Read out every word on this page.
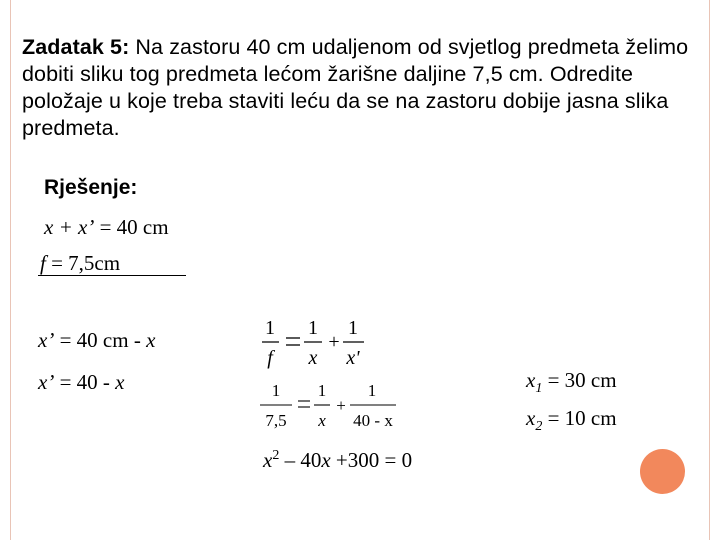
Zadatak 5: Na zastoru 40 cm udaljenom od svjetlog predmeta želimo dobiti sliku tog predmeta lećom žarišne daljine 7,5 cm. Odredite položaje u koje treba staviti leću da se na zastoru dobije jasna slika predmeta.
Rješenje:
x + x’ = 40 cm
f = 7,5cm
x’ = 40 cm - x
x’ = 40 - x
1
f
1
x
+
1
x'
1
7,5
1
x
+
1
40 - x
$x^2 - 40x +300 = 0$
$x_1 = 30$ cm
$x_2 = 10$ cm
